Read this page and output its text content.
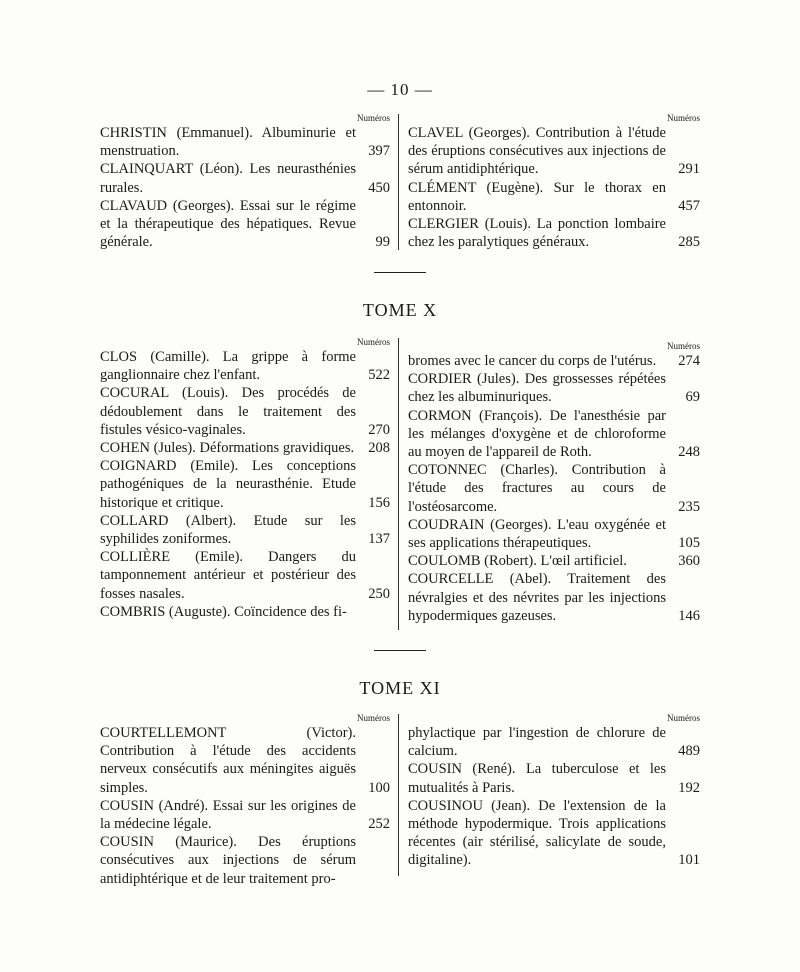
— 10 —
Numéros
CHRISTIN (Emmanuel). Albuminurie et menstruation.	397
CLAINQUART (Léon). Les neurasthénies rurales.	450
CLAVAUD (Georges). Essai sur le régime et la thérapeutique des hépatiques. Revue générale.	99
Numéros
CLAVEL (Georges). Contribution à l'étude des éruptions consécutives aux injections de sérum antidiphtérique.	291
CLÉMENT (Eugène). Sur le thorax en entonnoir.	457
CLERGIER (Louis). La ponction lombaire chez les paralytiques généraux.	285
TOME X
Numéros
CLOS (Camille). La grippe à forme ganglionnaire chez l'enfant.	522
COCURAL (Louis). Des procédés de dédoublement dans le traitement des fistules vésico-vaginales.	270
COHEN (Jules). Déformations gravidiques. 208
COIGNARD (Emile). Les conceptions pathogéniques de la neurasthénie. Etude historique et critique.	156
COLLARD (Albert). Etude sur les syphilides zoniformes.	137
COLLIÈRE (Emile). Dangers du tamponnement antérieur et postérieur des fosses nasales.	250
COMBRIS (Auguste). Coïncidence des fi-
Numéros
bromes avec le cancer du corps de l'utérus.	274
CORDIER (Jules). Des grossesses répétées chez les albuminuriques.	69
CORMON (François). De l'anesthésie par les mélanges d'oxygène et de chloroforme au moyen de l'appareil de Roth.	248
COTONNEC (Charles). Contribution à l'étude des fractures au cours de l'ostéosarcome.	235
COUDRAIN (Georges). L'eau oxygénée et ses applications thérapeutiques.	105
COULOMB (Robert). L'œil artificiel.	360
COURCELLE (Abel). Traitement des névralgies et des névrites par les injections hypodermiques gazeuses.	146
TOME XI
Numéros
COURTELLEMONT (Victor). Contribution à l'étude des accidents nerveux consécutifs aux méningites aiguës simples.	100
COUSIN (André). Essai sur les origines de la médecine légale.	252
COUSIN (Maurice). Des éruptions consécutives aux injections de sérum antidiphtérique et de leur traitement pro-
Numéros
phylactique par l'ingestion de chlorure de calcium.	489
COUSIN (René). La tuberculose et les mutualités à Paris.	192
COUSINOU (Jean). De l'extension de la méthode hypodermique. Trois applications récentes (air stérilisé, salicylate de soude, digitaline).	101
